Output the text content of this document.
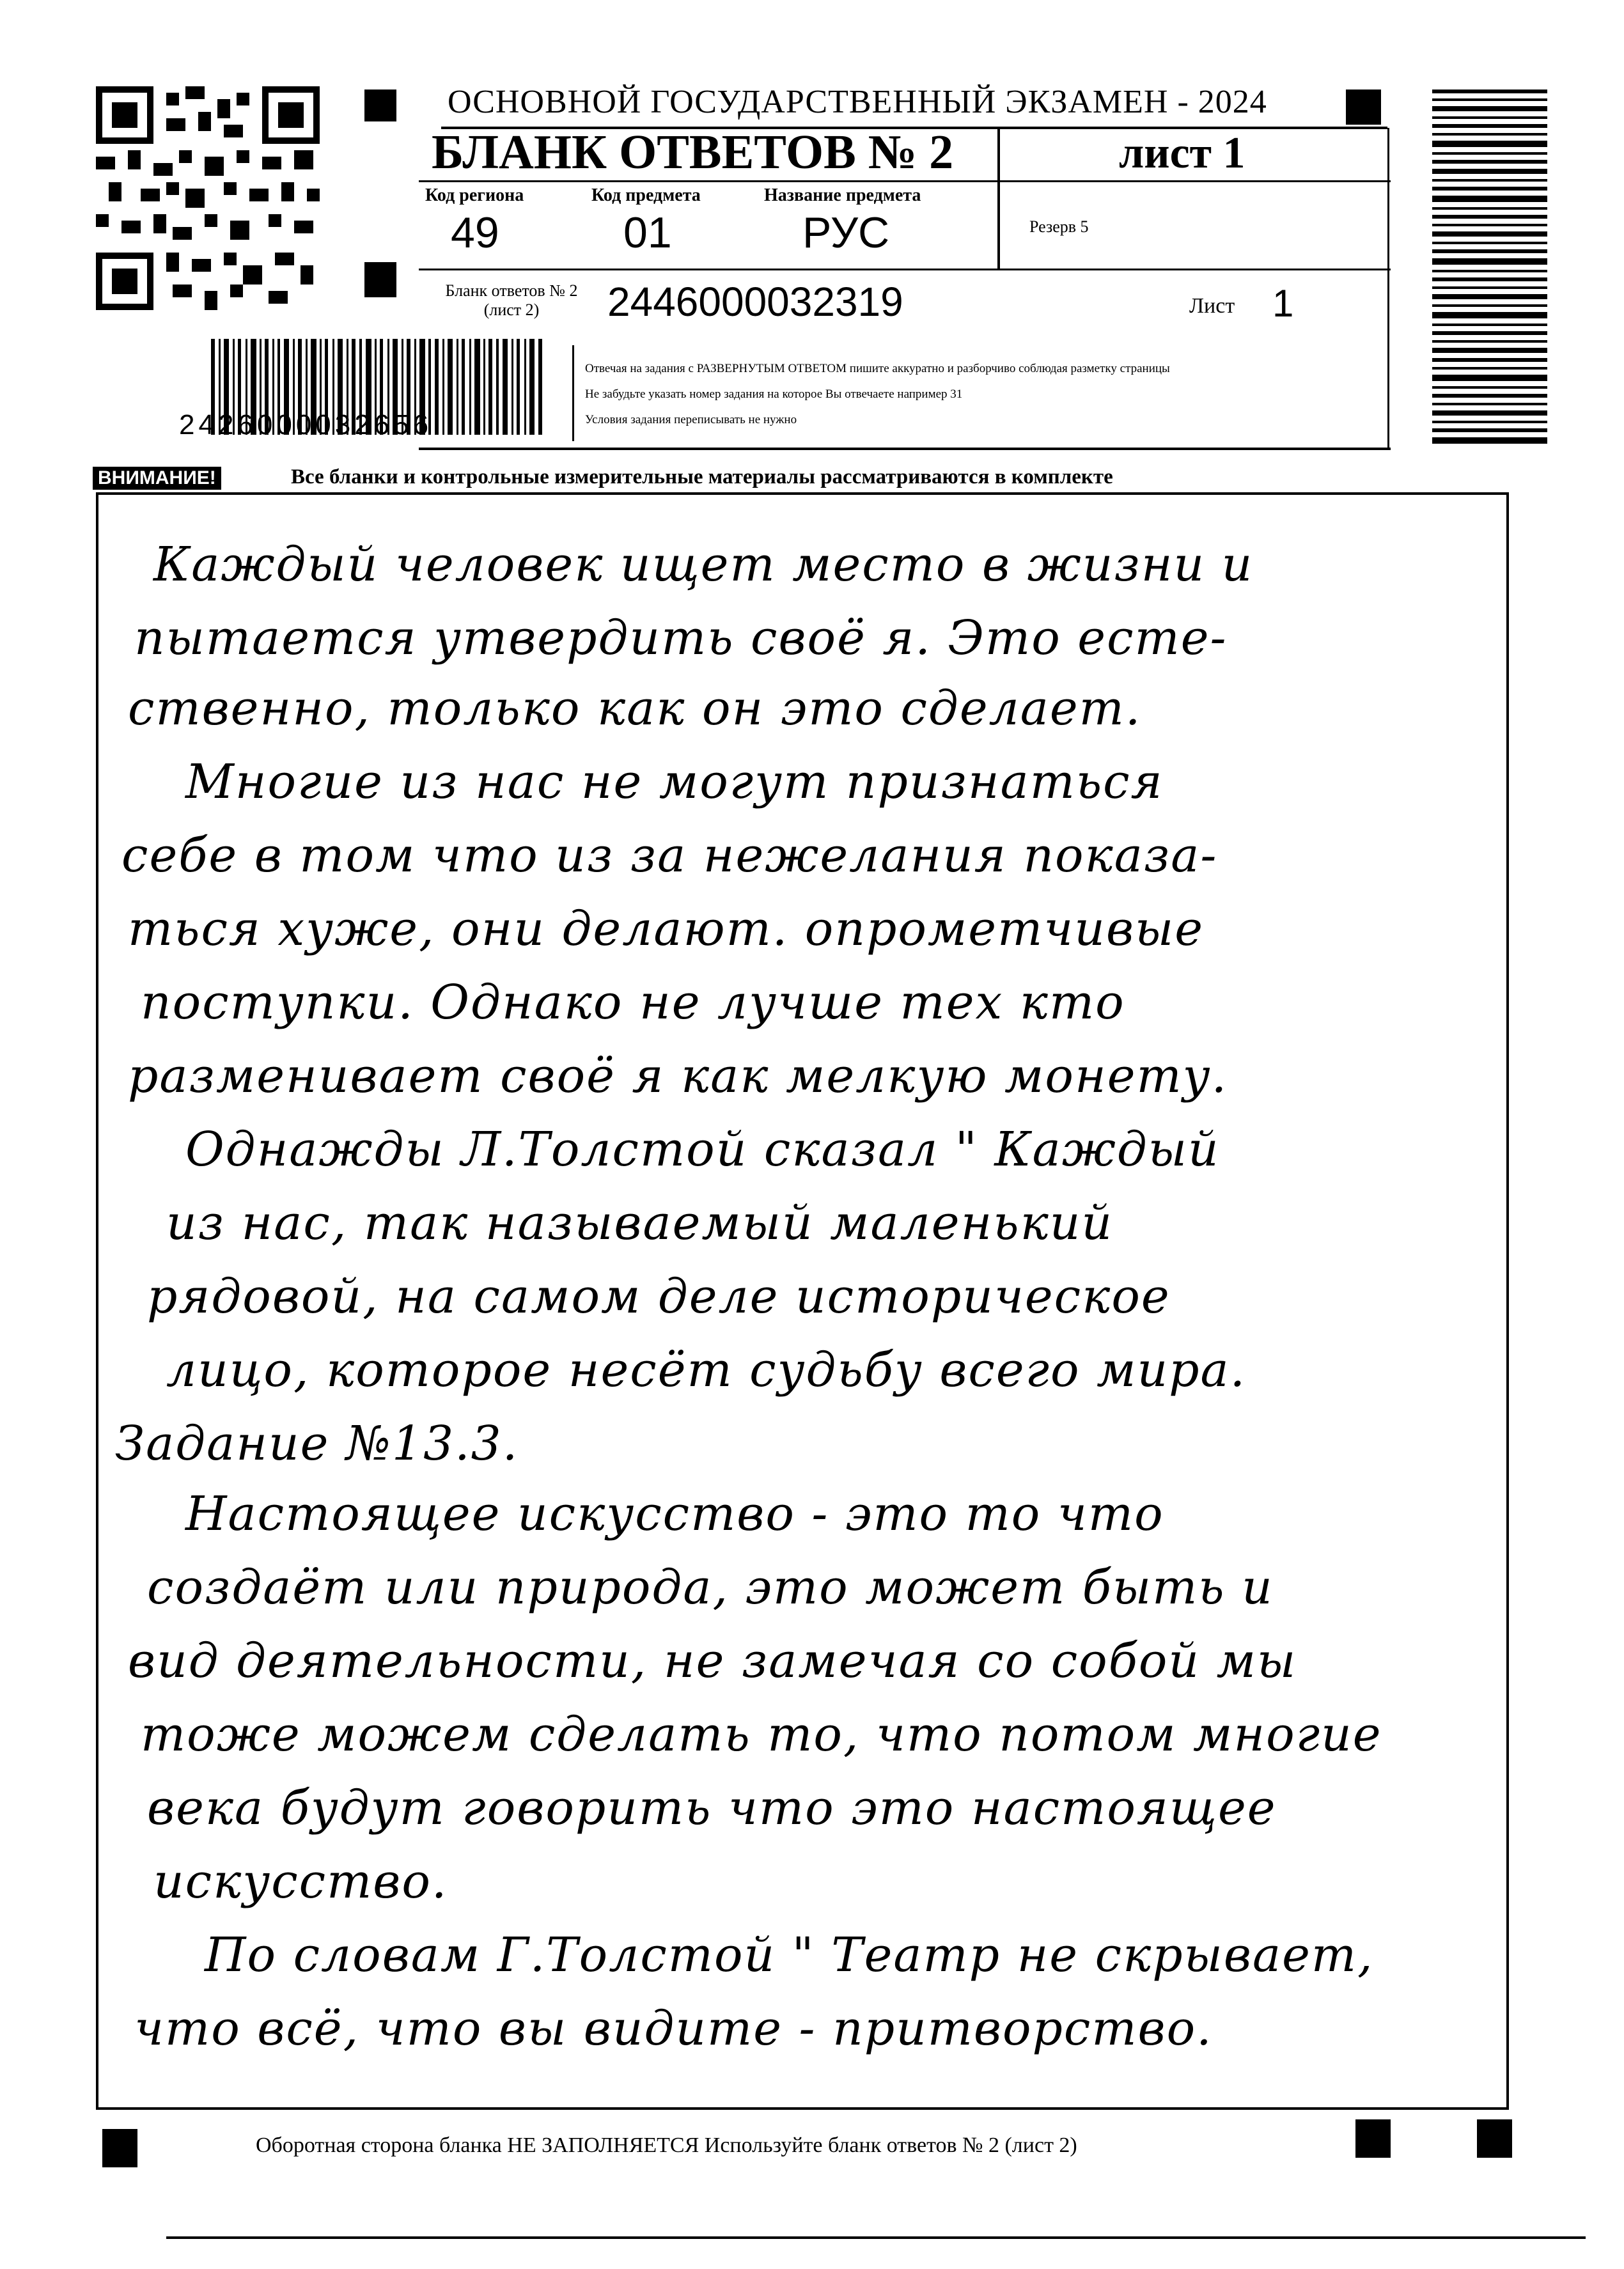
2426000032656
ОСНОВНОЙ ГОСУДАРСТВЕННЫЙ ЭКЗАМЕН - 2024
БЛАНК ОТВЕТОВ № 2	лист 1
Код региона
49
Код предмета
01
Название предмета
РУС	Резерв 5
Бланк ответов № 2
(лист 2)	2446000032319	Лист 1
Отвечая на задания с РАЗВЕРНУТЫМ ОТВЕТОМ пишите аккуратно и разборчиво соблюдая разметку страницы
Не забудьте указать номер задания на которое Вы отвечаете например 31
Условия задания переписывать не нужно
ВНИМАНИЕ!	Все бланки и контрольные измерительные материалы рассматриваются в комплекте
Каждый человек ищет место в жизни и
пытается утвердить своё я. Это есте-
ственно, только как он это сделает.
Многие из нас не могут признаться
себе в том что из за нежелания показа-
ться хуже, они делают. опрометчивые
поступки. Однако не лучше тех кто
разменивает своё я как мелкую монету.
Однажды Л.Толстой сказал " Каждый
из нас, так называемый маленький
рядовой, на самом деле историческое
лицо, которое несёт судьбу всего мира.
Задание №13.3.
Настоящее искусство - это то что
создаёт или природа, это может быть и
вид деятельности, не замечая со собой мы
тоже можем сделать то, что потом многие
века будут говорить что это настоящее
искусство.
По словам Г.Толстой " Театр не скрывает,
что всё, что вы видите - притворство.
Оборотная сторона бланка НЕ ЗАПОЛНЯЕТСЯ Используйте бланк ответов № 2 (лист 2)
